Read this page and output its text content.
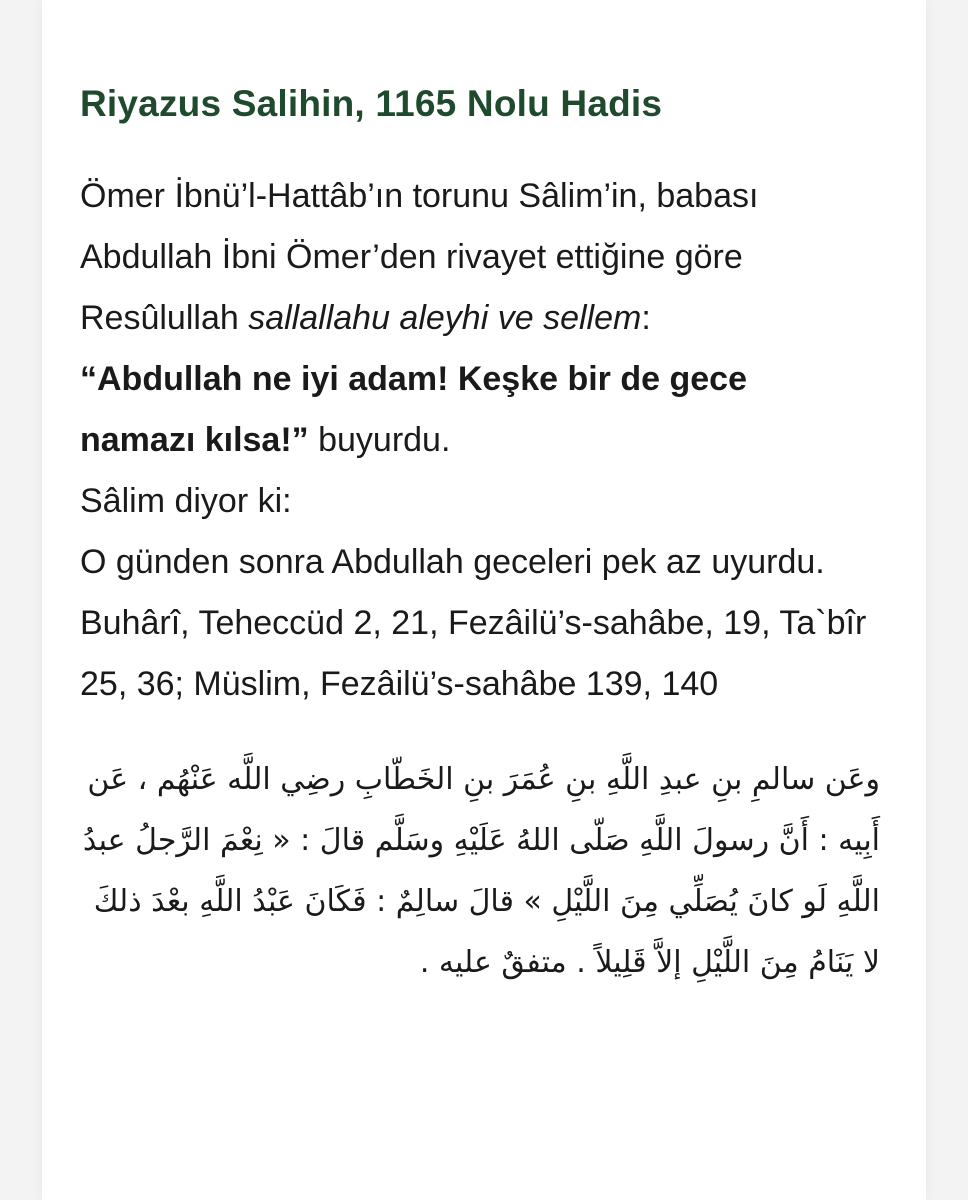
Riyazus Salihin, 1165 Nolu Hadis
Ömer İbnü’l-Hattâb’ın torunu Sâlim’in, babası
Abdullah İbni Ömer’den rivayet ettiğine göre
Resûlullah sallallahu aleyhi ve sellem:
“Abdullah ne iyi adam! Keşke bir de gece
namazı kılsa!” buyurdu.
Sâlim diyor ki:
O günden sonra Abdullah geceleri pek az uyurdu.
Buhârî, Teheccüd 2, 21, Fezâilü’s-sahâbe, 19, Ta`bîr 25, 36; Müslim, Fezâilü’s-sahâbe 139, 140
وعَن سالمِ بنِ عبدِ اللَّهِ بنِ عُمَرَ بنِ الخَطّابِ رضِي اللَّه عَنْهُم ، عَن أَبِيه : أَنَّ رسولَ اللَّهِ صَلّى اللهُ عَلَيْهِ وسَلَّم قالَ : « نِعْمَ الرَّجلُ عبدُ اللَّهِ لَو كانَ يُصَلِّي مِنَ اللَّيْلِ » قالَ سالِمٌ : فَكَانَ عَبْدُ اللَّهِ بعْدَ ذلكَ لا يَنَامُ مِنَ اللَّيْلِ إلاَّ قَلِيلاً . متفقٌ عليه .
